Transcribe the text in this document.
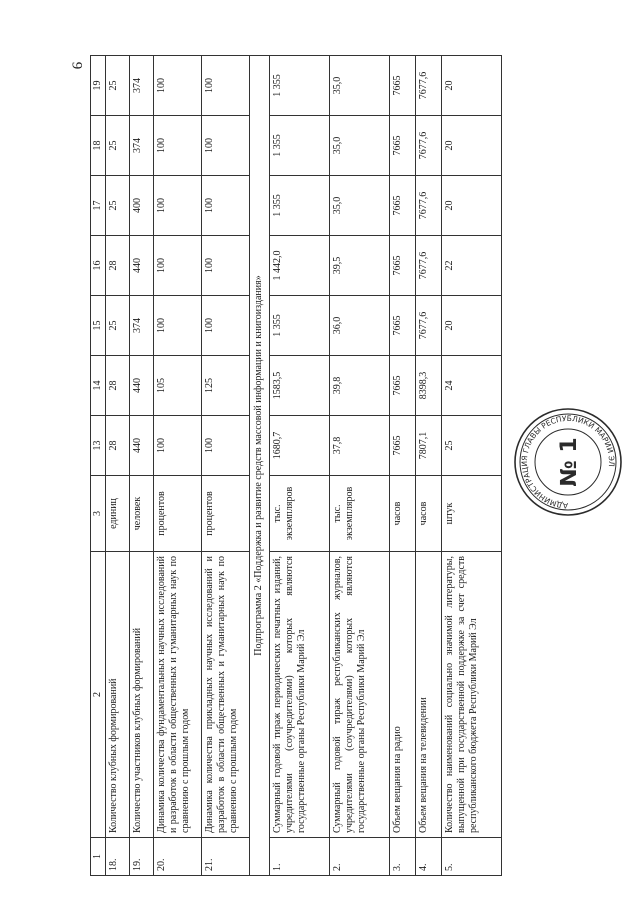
9
1	2	3	13	14	15	16	17	18	19
18.	Количество клубных формирований	единиц	28	28	25	28	25	25	25
19.	Количество участников клубных формирований	человек	440	440	374	440	400	374	374
20.	Динамика количества фундаментальных научных исследований и разработок в области общественных и гуманитарных наук по сравнению с прошлым годом	процентов	100	105	100	100	100	100	100
21.	Динамика количества прикладных научных исследований и разработок в области общественных и гуманитарных наук по сравнению с прошлым годом	процентов	100	125	100	100	100	100	100
Подпрограмма 2 «Поддержка и развитие средств массовой информации и книгоиздания»									
1.	Суммарный годовой тираж периодических печатных изданий, учредителями (соучредителями) которых являются государственные органы Республики Марий Эл	тыс. экземпляров	1680,7	1583,5	1 355	1 442,0	1 355	1 355	1 355
2.	Суммарный годовой тираж республиканских журналов, учредителями (соучредителями) которых являются государственные органы Республики Марий Эл	тыс. экземпляров	37,8	39,8	36,0	39,5	35,0	35,0	35,0
3.	Объем вещания на радио	часов	7665	7665	7665	7665	7665	7665	7665
4.	Объем вещания на телевидении	часов	7807,1	8398,3	7677,6	7677,6	7677,6	7677,6	7677,6
5.	Количество наименований социально значимой литературы, выпущенной при государственной поддержке за счет средств республиканского бюджета Республики Марий Эл	штук	25	24	20	22	20	20	20
АДМИНИСТРАЦИЯ ГЛАВЫ РЕСПУБЛИКИ МАРИЙ ЭЛ
№ 1
